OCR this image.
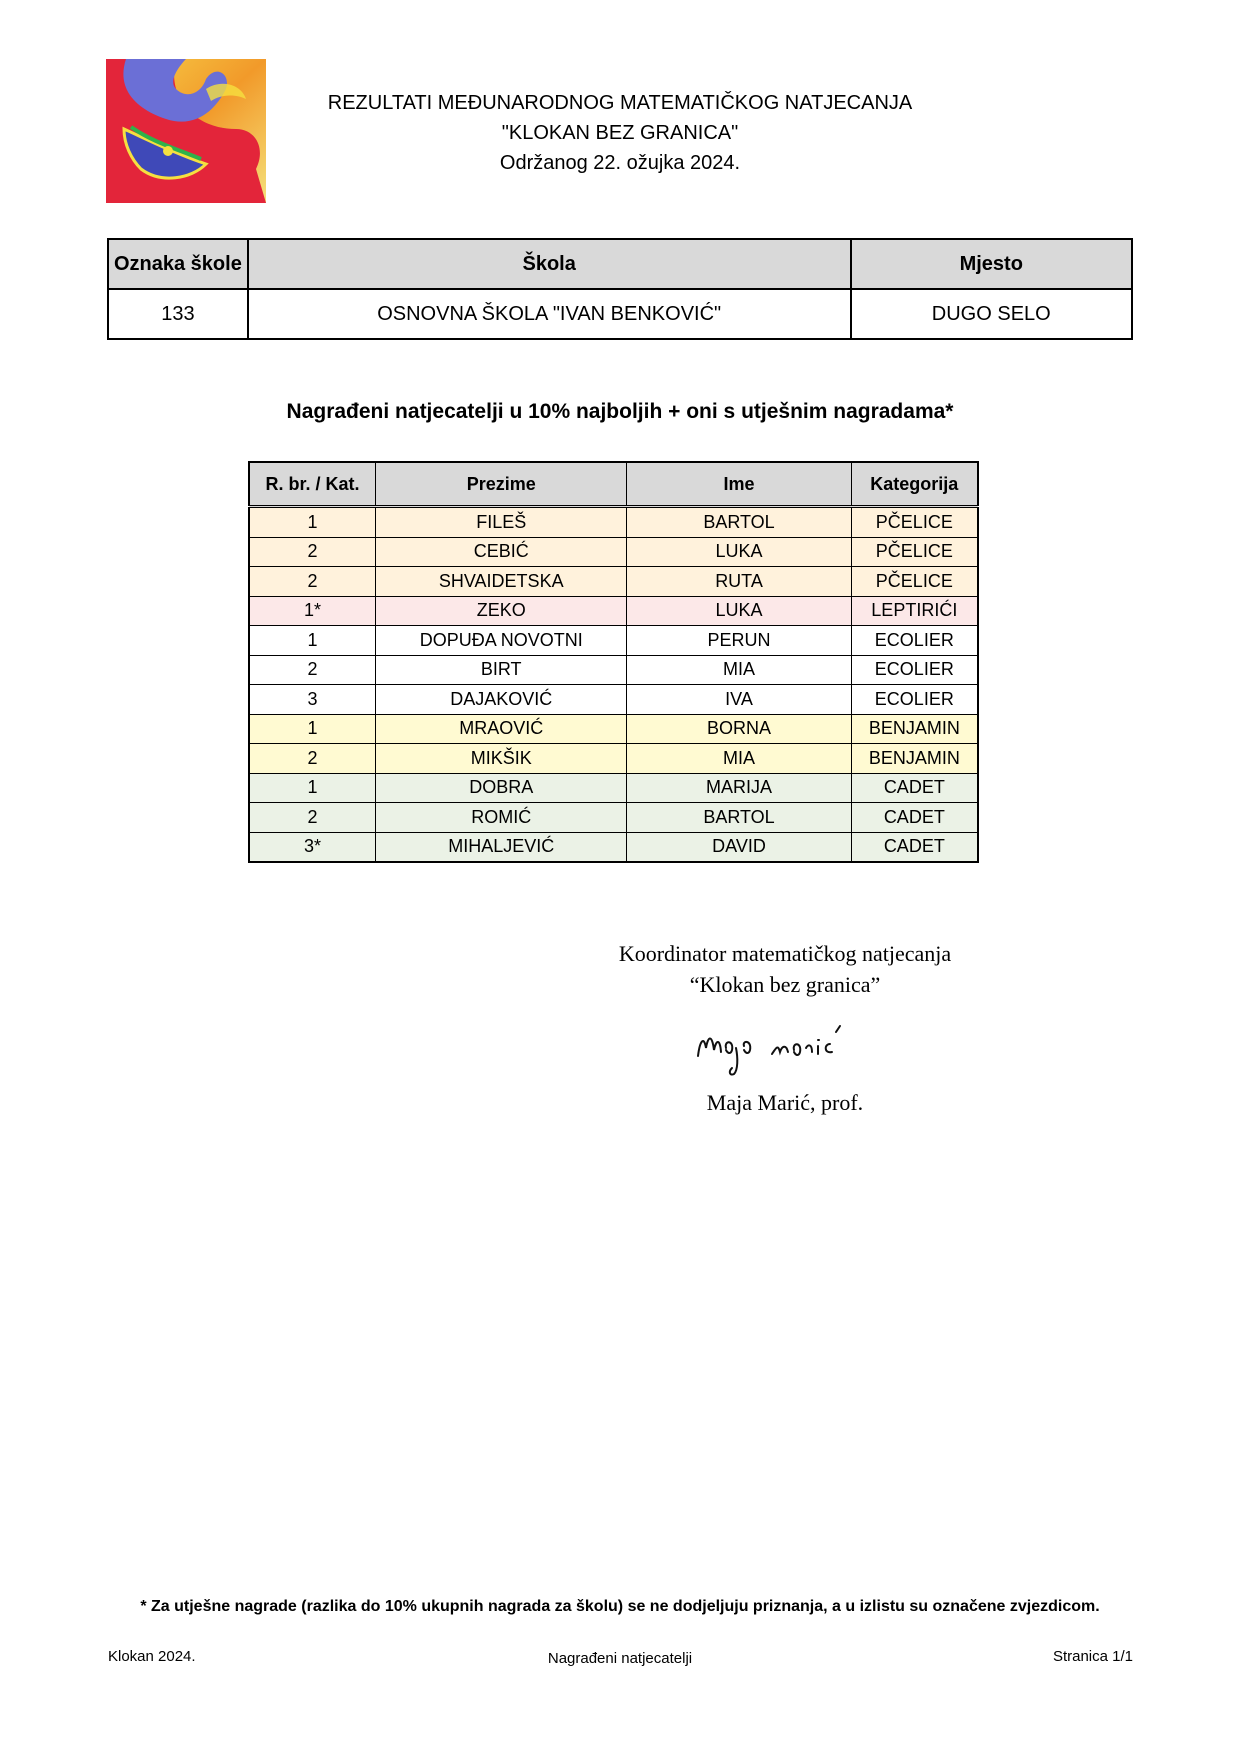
REZULTATI MEĐUNARODNOG MATEMATIČKOG NATJECANJA
"KLOKAN BEZ GRANICA"
Održanog 22. ožujka 2024.
Oznaka škole	Škola	Mjesto
133	OSNOVNA ŠKOLA "IVAN BENKOVIĆ"	DUGO SELO
Nagrađeni natjecatelji u 10% najboljih + oni s utješnim nagradama*
R. br. / Kat.	Prezime	Ime	Kategorija
1	FILEŠ	BARTOL	PČELICE
2	CEBIĆ	LUKA	PČELICE
2	SHVAIDETSKA	RUTA	PČELICE
1*	ZEKO	LUKA	LEPTIRIĆI
1	DOPUĐA NOVOTNI	PERUN	ECOLIER
2	BIRT	MIA	ECOLIER
3	DAJAKOVIĆ	IVA	ECOLIER
1	MRAOVIĆ	BORNA	BENJAMIN
2	MIKŠIK	MIA	BENJAMIN
1	DOBRA	MARIJA	CADET
2	ROMIĆ	BARTOL	CADET
3*	MIHALJEVIĆ	DAVID	CADET
Koordinator matematičkog natjecanja
“Klokan bez granica”
Maja Marić, prof.
* Za utješne nagrade (razlika do 10% ukupnih nagrada za školu) se ne dodjeljuju priznanja, a u izlistu su označene zvjezdicom.
Klokan 2024.	Nagrađeni natjecatelji	Stranica 1/1
